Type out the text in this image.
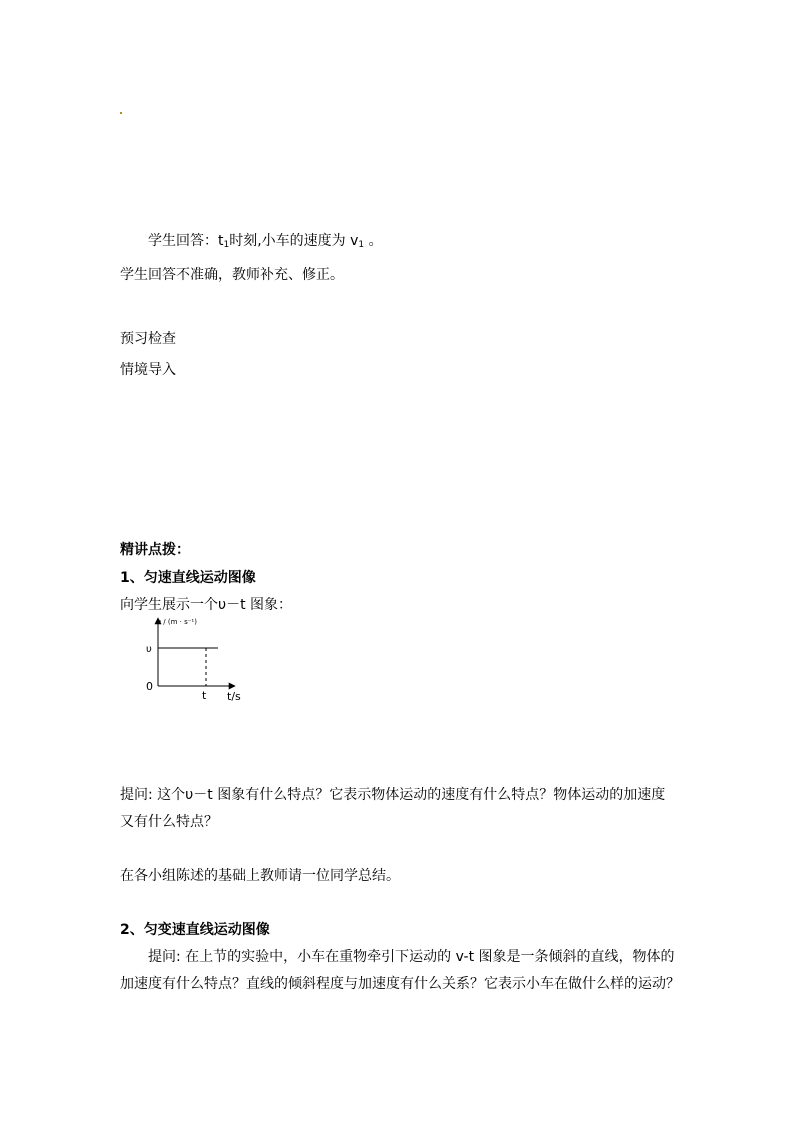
学生回答：$t_1$时刻,小车的速度为 $v_1$ 。
学生回答不准确，教师补充、修正。
预习检查
情境导入
精讲点拨：
1、匀速直线运动图像
向学生展示一个υ－t 图象：
υ / (m · s⁻¹)
υ
0
t t/s
提问: 这个υ－t 图象有什么特点？它表示物体运动的速度有什么特点？物体运动的加速度
又有什么特点？
在各小组陈述的基础上教师请一位同学总结。
2、匀变速直线运动图像
提问: 在上节的实验中，小车在重物牵引下运动的 v-t 图象是一条倾斜的直线，物体的
加速度有什么特点？直线的倾斜程度与加速度有什么关系？它表示小车在做什么样的运动？
